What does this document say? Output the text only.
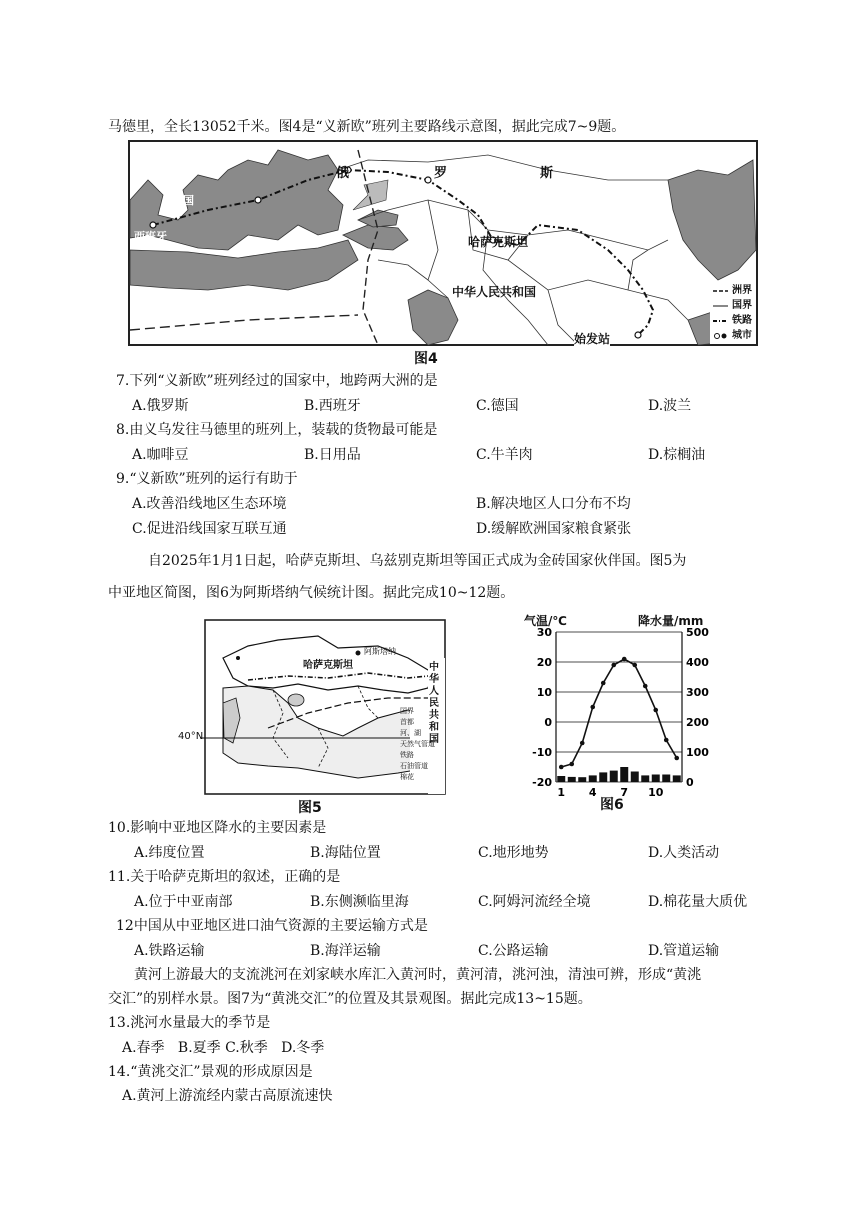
马德里，全长13052千米。图4是“义新欧”班列主要路线示意图，据此完成7~9题。
俄	罗	斯
哈萨克斯坦
中华人民共和国
始发站
法国
西班牙
洲界
国界
铁路
城市
图4
7.下列“义新欧”班列经过的国家中，地跨两大洲的是
A.俄罗斯	B.西班牙	C.德国	D.波兰
8.由义乌发往马德里的班列上，装载的货物最可能是
A.咖啡豆	B.日用品	C.牛羊肉	D.棕榈油
9.“义新欧”班列的运行有助于
A.改善沿线地区生态环境	B.解决地区人口分布不均
C.促进沿线国家互联互通	D.缓解欧洲国家粮食紧张
自2025年1月1日起，哈萨克斯坦、乌兹别克斯坦等国正式成为金砖国家伙伴国。图5为
中亚地区简图，图6为阿斯塔纳气候统计图。据此完成10~12题。
40°N
哈萨克斯坦
阿斯塔纳
中华人民共和国
国界
首都
河、湖
天然气管道
铁路
石油管道
棉花
图5
30
20
10
0
-10
-20
500
400
300
200
100
0
1 4 7 10
气温/℃	降水量/mm
图6
10.影响中亚地区降水的主要因素是
A.纬度位置	B.海陆位置	C.地形地势	D.人类活动
11.关于哈萨克斯坦的叙述，正确的是
A.位于中亚南部	B.东侧濒临里海	C.阿姆河流经全境	D.棉花量大质优
12中国从中亚地区进口油气资源的主要运输方式是
A.铁路运输	B.海洋运输	C.公路运输	D.管道运输
黄河上游最大的支流洮河在刘家峡水库汇入黄河时，黄河清，洮河浊，清浊可辨，形成“黄洮
交汇”的别样水景。图7为“黄洮交汇”的位置及其景观图。据此完成13~15题。
13.洮河水量最大的季节是
A.春季   B.夏季 C.秋季   D.冬季
14.“黄洮交汇”景观的形成原因是
A.黄河上游流经内蒙古高原流速快
